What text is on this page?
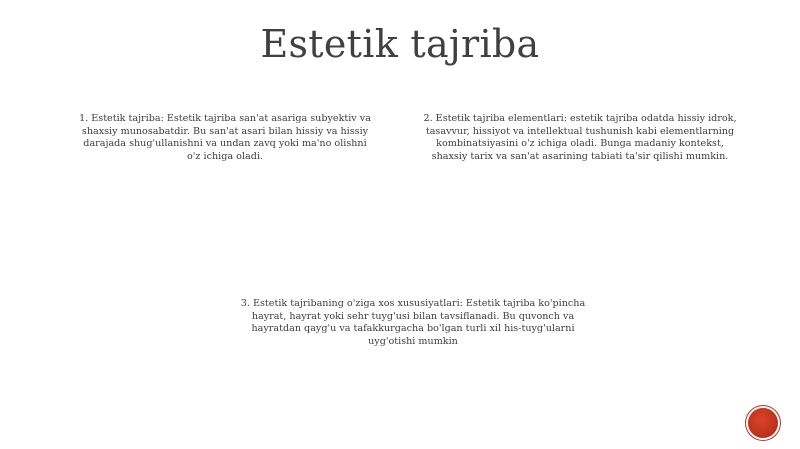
Estetik tajriba

1. Estetik tajriba: Estetik tajriba san'at asariga subyektiv va shaxsiy munosabatdir. Bu san'at asari bilan hissiy va hissiy darajada shug'ullanishni va undan zavq yoki ma'no olishni o'z ichiga oladi.

2. Estetik tajriba elementlari: estetik tajriba odatda hissiy idrok, tasavvur, hissiyot va intellektual tushunish kabi elementlarning kombinatsiyasini o'z ichiga oladi. Bunga madaniy kontekst, shaxsiy tarix va san'at asarining tabiati ta'sir qilishi mumkin.

3. Estetik tajribaning o'ziga xos xususiyatlari: Estetik tajriba ko'pincha hayrat, hayrat yoki sehr tuyg'usi bilan tavsiflanadi. Bu quvonch va hayratdan qayg'u va tafakkurgacha bo'lgan turli xil his-tuyg'ularni uyg'otishi mumkin
